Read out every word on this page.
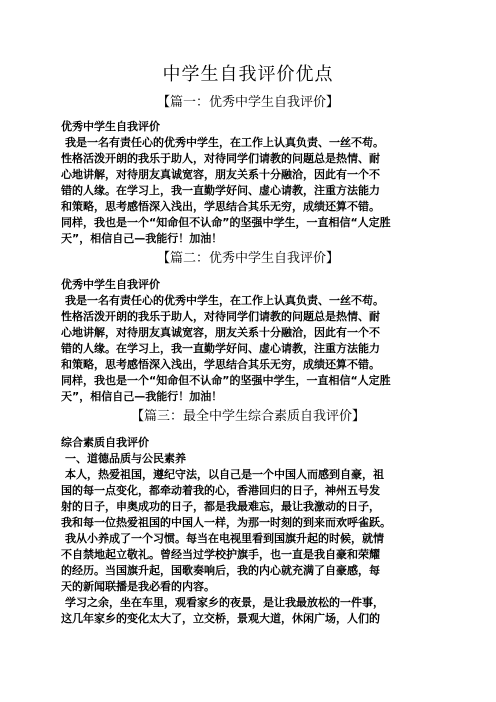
中学生自我评价优点
【篇一：优秀中学生自我评价】
优秀中学生自我评价
我是一名有责任心的优秀中学生，在工作上认真负责、一丝不苟。
性格活泼开朗的我乐于助人，对待同学们请教的问题总是热情、耐
心地讲解，对待朋友真诚宽容，朋友关系十分融洽，因此有一个不
错的人缘。在学习上，我一直勤学好问、虚心请教，注重方法能力
和策略，思考感悟深入浅出，学思结合其乐无穷，成绩还算不错。
同样，我也是一个“知命但不认命”的坚强中学生，一直相信“人定胜
天”，相信自己—我能行！加油！
【篇二：优秀中学生自我评价】
优秀中学生自我评价
我是一名有责任心的优秀中学生，在工作上认真负责、一丝不苟。
性格活泼开朗的我乐于助人，对待同学们请教的问题总是热情、耐
心地讲解，对待朋友真诚宽容，朋友关系十分融洽，因此有一个不
错的人缘。在学习上，我一直勤学好问、虚心请教，注重方法能力
和策略，思考感悟深入浅出，学思结合其乐无穷，成绩还算不错。
同样，我也是一个“知命但不认命”的坚强中学生，一直相信“人定胜
天”，相信自己—我能行！加油！
【篇三：最全中学生综合素质自我评价】
综合素质自我评价
一、道德品质与公民素养
本人，热爱祖国，遵纪守法，以自己是一个中国人而感到自豪，祖
国的每一点变化，都牵动着我的心，香港回归的日子，神州五号发
射的日子，申奥成功的日子，都是我最难忘，最让我激动的日子，
我和每一位热爱祖国的中国人一样，为那一时刻的到来而欢呼雀跃。
我从小养成了一个习惯。每当在电视里看到国旗升起的时候，就情
不自禁地起立敬礼。曾经当过学校护旗手，也一直是我自豪和荣耀
的经历。当国旗升起，国歌奏响后，我的内心就充满了自豪感，每
天的新闻联播是我必看的内容。
学习之余，坐在车里，观看家乡的夜景，是让我最放松的一件事，
这几年家乡的变化太大了，立交桥，景观大道，休闲广场，人们的
